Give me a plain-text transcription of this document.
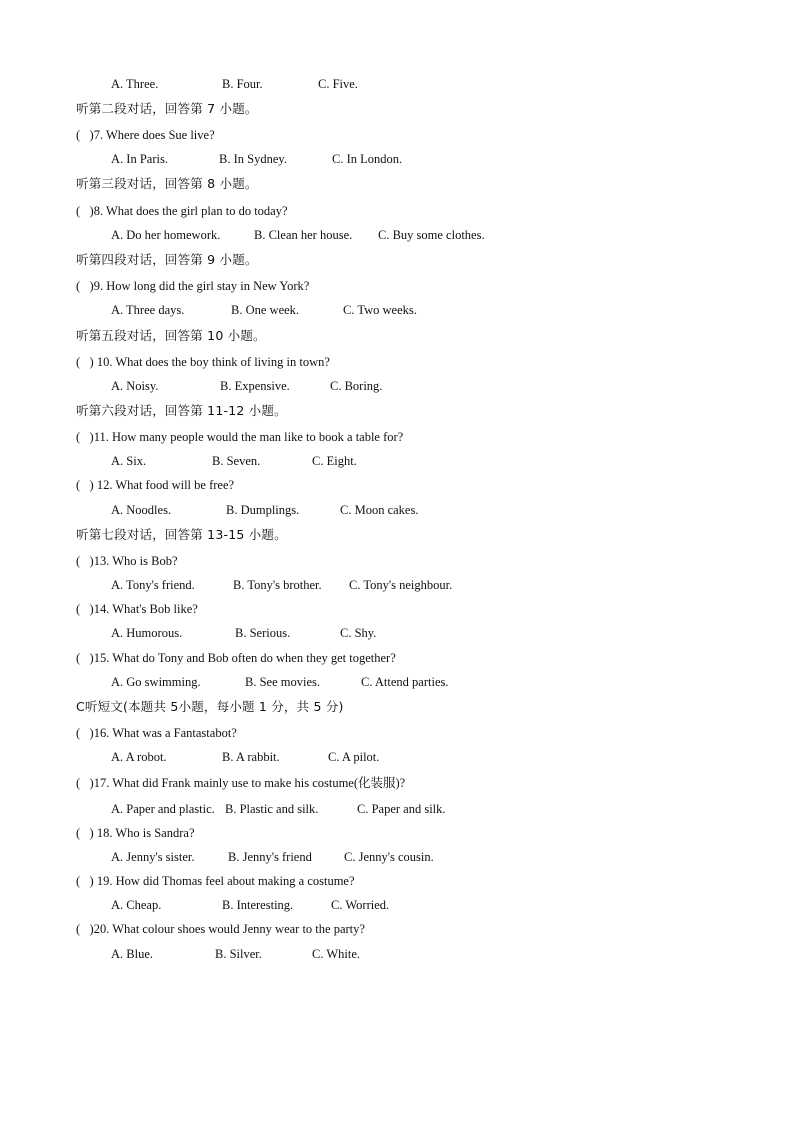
A. Three.	B. Four.	C. Five.
听第二段对话，回答第 7 小题。
(   )7. Where does Sue live?
A. In Paris.	B. In Sydney.	C. In London.
听第三段对话，回答第 8 小题。
(   )8. What does the girl plan to do today?
A. Do her homework.	B. Clean her house. C. Buy some clothes.
听第四段对话，回答第 9 小题。
(   )9. How long did the girl stay in New York?
A. Three days.	B. One week.	C. Two weeks.
听第五段对话，回答第 10 小题。
(   ) 10. What does the boy think of living in town?
A. Noisy.	B. Expensive.	C. Boring.
听第六段对话，回答第 11-12 小题。
(   )11. How many people would the man like to book a table for?
A. Six.	B. Seven.	C. Eight.
(   ) 12. What food will be free?
A. Noodles.	B. Dumplings.	C. Moon cakes.
听第七段对话，回答第 13-15 小题。
(   )13. Who is Bob?
A. Tony's friend.	B. Tony's brother. C. Tony's neighbour.
(   )14. What's Bob like?
A. Humorous.	B. Serious.	C. Shy.
(   )15. What do Tony and Bob often do when they get together?
A. Go swimming.	B. See movies.	C. Attend parties.
C听短文(本题共 5小题，每小题 1 分，共 5 分)
(   )16. What was a Fantastabot?
A. A robot.	B. A rabbit.	C. A pilot.
(   )17. What did Frank mainly use to make his costume(化装服)?
A. Paper and plastic. B. Plastic and silk.	C. Paper and silk.
(   ) 18. Who is Sandra?
A. Jenny's sister.	B. Jenny's friend	C. Jenny's cousin.
(   ) 19. How did Thomas feel about making a costume?
A. Cheap.	B. Interesting.	C. Worried.
(   )20. What colour shoes would Jenny wear to the party?
A. Blue.	B. Silver.	C. White.
